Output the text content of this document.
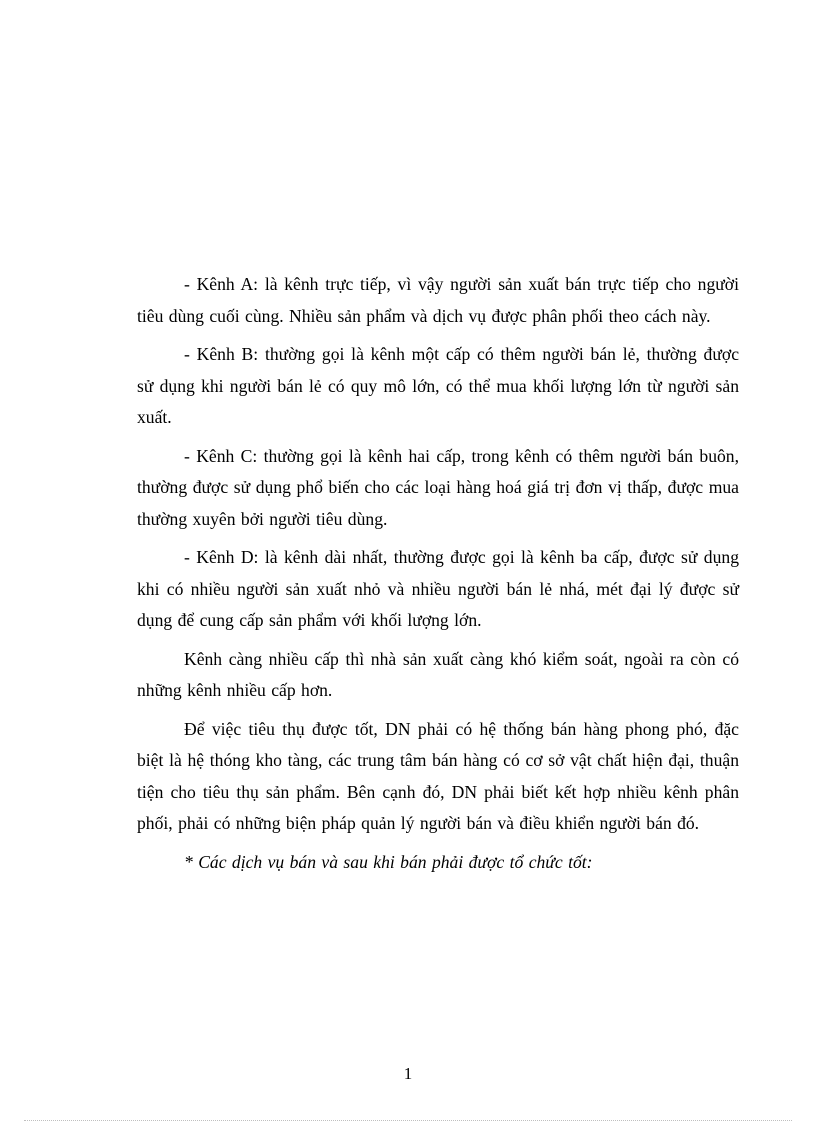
- Kênh A: là kênh trực tiếp, vì vậy người sản xuất bán trực tiếp cho người tiêu dùng cuối cùng. Nhiều sản phẩm và dịch vụ được phân phối theo cách này.

- Kênh B: thường gọi là kênh một cấp có thêm người bán lẻ, thường được sử dụng khi người bán lẻ có quy mô lớn, có thể mua khối lượng lớn từ người sản xuất.

- Kênh C: thường gọi là kênh hai cấp, trong kênh có thêm người bán buôn, thường được sử dụng phổ biến cho các loại hàng hoá giá trị đơn vị thấp, được mua thường xuyên bởi người tiêu dùng.

- Kênh D: là kênh dài nhất, thường được gọi là kênh ba cấp, được sử dụng khi có nhiều người sản xuất nhỏ và nhiều người bán lẻ nhá, mét đại lý được sử dụng để cung cấp sản phẩm với khối lượng lớn.

Kênh càng nhiều cấp thì nhà sản xuất càng khó kiểm soát, ngoài ra còn có những kênh nhiều cấp hơn.

Để việc tiêu thụ được tốt, DN phải có hệ thống bán hàng phong phó, đặc biệt là hệ thóng kho tàng, các trung tâm bán hàng có cơ sở vật chất hiện đại, thuận tiện cho tiêu thụ sản phẩm. Bên cạnh đó, DN phải biết kết hợp nhiều kênh phân phối, phải có những biện pháp quản lý người bán và điều khiển người bán đó.

* Các dịch vụ bán và sau khi bán phải được tổ chức tốt:

1
